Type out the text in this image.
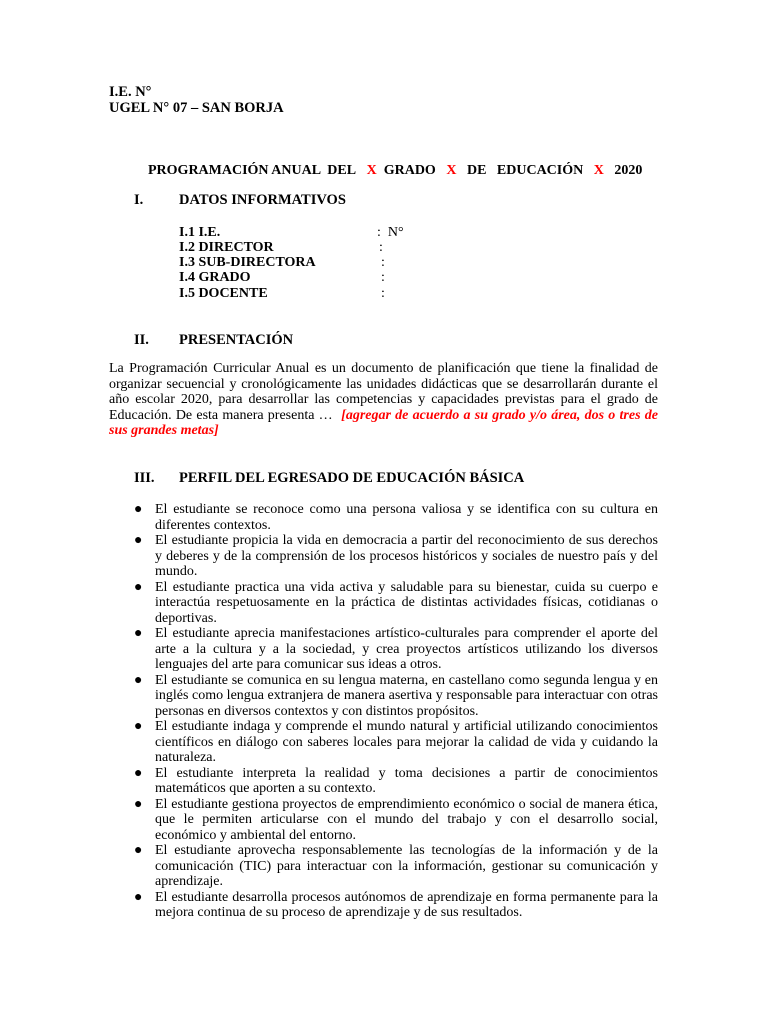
I.E. N°
UGEL N° 07 – SAN BORJA

PROGRAMACIÓN ANUAL  DEL X GRADO X DE   EDUCACIÓN X 2020

I. DATOS INFORMATIVOS
I.1 I.E.	: N°
I.2 DIRECTOR	:
I.3 SUB-DIRECTORA	:
I.4 GRADO	:
I.5 DOCENTE	:
II. PRESENTACIÓN
La Programación Curricular Anual es un documento de planificación que tiene la finalidad de organizar secuencial y cronológicamente las unidades didácticas que se desarrollarán durante el año escolar 2020, para desarrollar las competencias y capacidades previstas para el grado de Educación. De esta manera presenta … [agregar de acuerdo a su grado y/o área, dos o tres de sus grandes metas]
III. PERFIL DEL EGRESADO DE EDUCACIÓN BÁSICA
● El estudiante se reconoce como una persona valiosa y se identifica con su cultura en diferentes contextos.
● El estudiante propicia la vida en democracia a partir del reconocimiento de sus derechos y deberes y de la comprensión de los procesos históricos y sociales de nuestro país y del mundo.
● El estudiante practica una vida activa y saludable para su bienestar, cuida su cuerpo e interactúa respetuosamente en la práctica de distintas actividades físicas, cotidianas o deportivas.
● El estudiante aprecia manifestaciones artístico-culturales para comprender el aporte del arte a la cultura y a la sociedad, y crea proyectos artísticos utilizando los diversos lenguajes del arte para comunicar sus ideas a otros.
● El estudiante se comunica en su lengua materna, en castellano como segunda lengua y en inglés como lengua extranjera de manera asertiva y responsable para interactuar con otras personas en diversos contextos y con distintos propósitos.
● El estudiante indaga y comprende el mundo natural y artificial utilizando conocimientos científicos en diálogo con saberes locales para mejorar la calidad de vida y cuidando la naturaleza.
● El estudiante interpreta la realidad y toma decisiones a partir de conocimientos matemáticos que aporten a su contexto.
● El estudiante gestiona proyectos de emprendimiento económico o social de manera ética, que le permiten articularse con el mundo del trabajo y con el desarrollo social, económico y ambiental del entorno.
● El estudiante aprovecha responsablemente las tecnologías de la información y de la comunicación (TIC) para interactuar con la información, gestionar su comunicación y aprendizaje.
● El estudiante desarrolla procesos autónomos de aprendizaje en forma permanente para la mejora continua de su proceso de aprendizaje y de sus resultados.
